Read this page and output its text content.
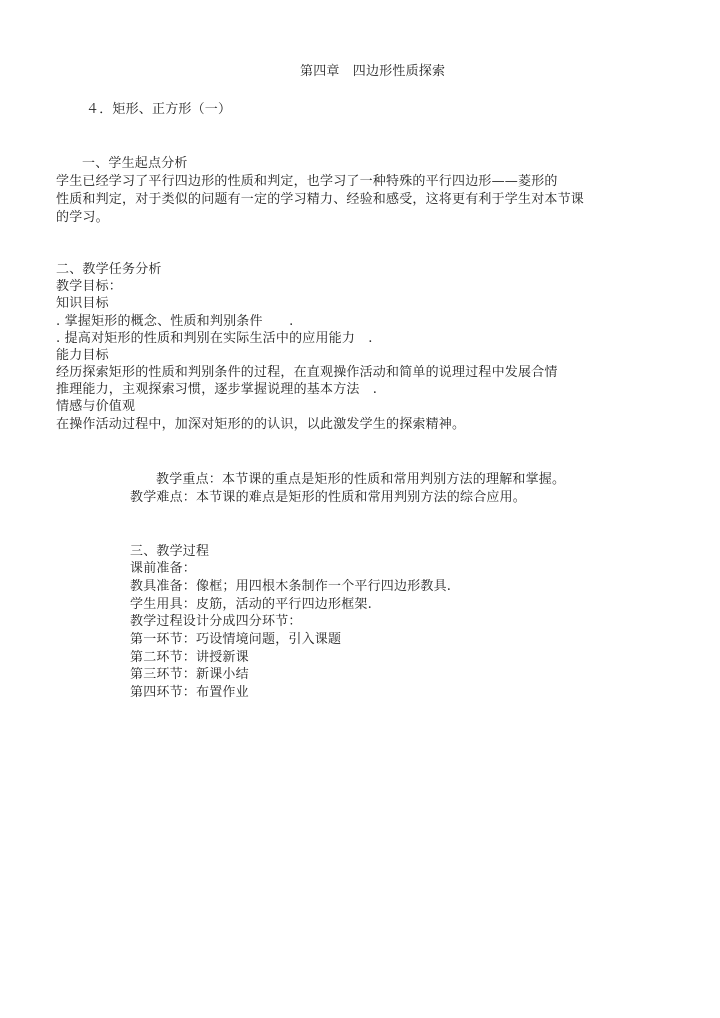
第四章　四边形性质探索
４．矩形、正方形（一）
一、学生起点分析
学生已经学习了平行四边形的性质和判定，也学习了一种特殊的平行四边形——菱形的
性质和判定，对于类似的问题有一定的学习精力、经验和感受，这将更有利于学生对本节课
的学习。
二、教学任务分析
教学目标：
知识目标
. 掌握矩形的概念、性质和判别条件　　.
. 提高对矩形的性质和判别在实际生活中的应用能力　.
能力目标
经历探索矩形的性质和判别条件的过程，在直观操作活动和简单的说理过程中发展合情
推理能力，主观探索习惯，逐步掌握说理的基本方法　.
情感与价值观
在操作活动过程中，加深对矩形的的认识，以此激发学生的探索精神。
教学重点：本节课的重点是矩形的性质和常用判别方法的理解和掌握。
教学难点：本节课的难点是矩形的性质和常用判别方法的综合应用。
三、教学过程
课前准备：
教具准备：像框；用四根木条制作一个平行四边形教具.
学生用具：皮筋，活动的平行四边形框架.
教学过程设计分成四分环节：
第一环节：巧设情境问题，引入课题
第二环节：讲授新课
第三环节：新课小结
第四环节：布置作业
